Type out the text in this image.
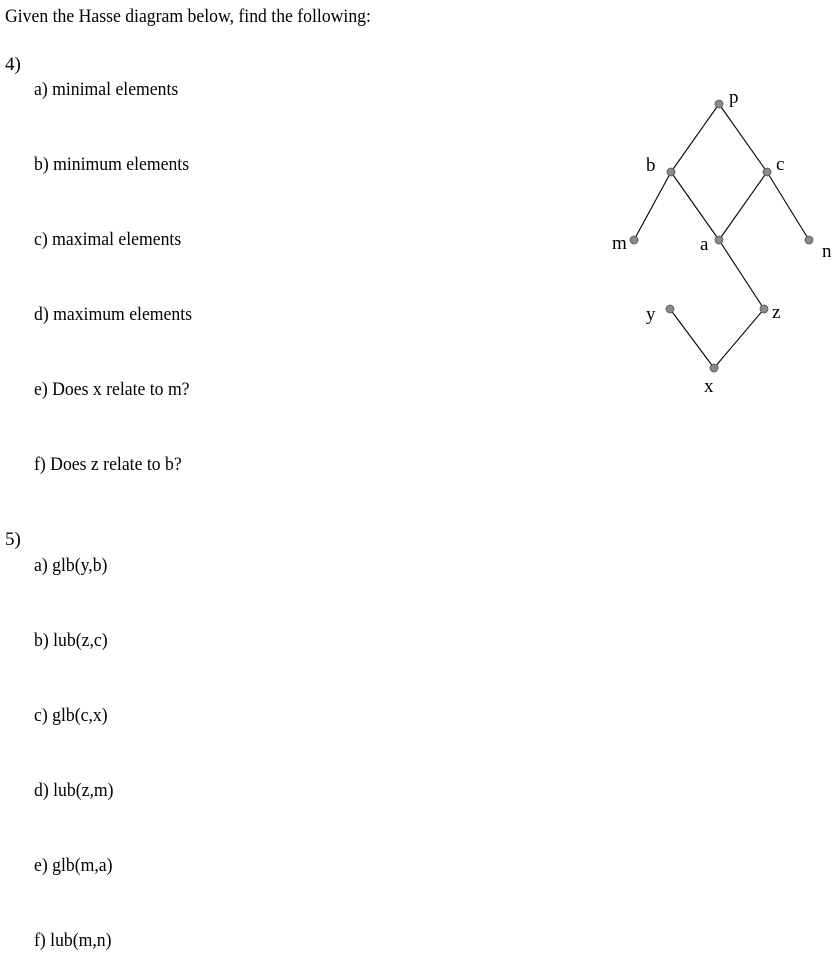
Given the Hasse diagram below, find the following:
4)
a) minimal elements
b) minimum elements
c) maximal elements
d) maximum elements
e) Does x relate to m?
f) Does z relate to b?
5)
a) glb(y,b)
b) lub(z,c)
c) glb(c,x)
d) lub(z,m)
e) glb(m,a)
f) lub(m,n)
p
b	c
m	a	n
y	z
x
